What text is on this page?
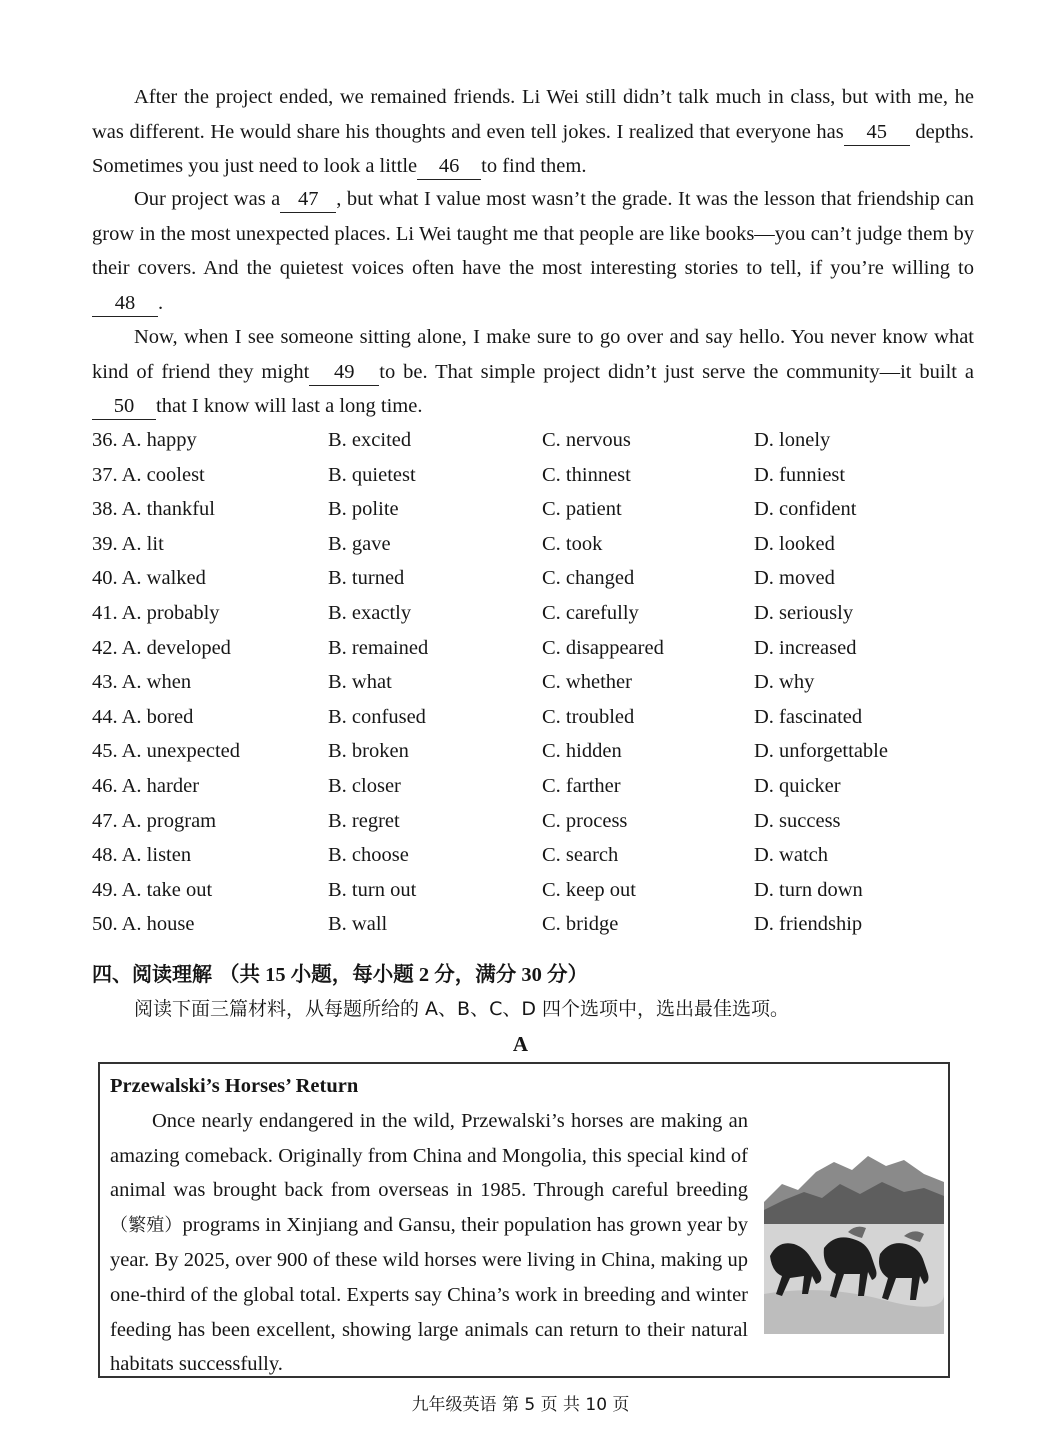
After the project ended, we remained friends. Li Wei still didn’t talk much in class, but with me, he was different. He would share his thoughts and even tell jokes. I realized that everyone has 45 depths. Sometimes you just need to look a little 46 to find them.

Our project was a 47 , but what I value most wasn’t the grade. It was the lesson that friendship can grow in the most unexpected places. Li Wei taught me that people are like books—you can’t judge them by their covers. And the quietest voices often have the most interesting stories to tell, if you’re willing to48 .

Now, when I see someone sitting alone, I make sure to go over and say hello. You never know what kind of friend they might 49 to be. That simple project didn’t just serve the community—it built a50 that I know will last a long time.

36. A. happy	B. excited	C. nervous	D. lonely
37. A. coolest	B. quietest	C. thinnest	D. funniest
38. A. thankful	B. polite	C. patient	D. confident
39. A. lit	B. gave	C. took	D. looked
40. A. walked	B. turned	C. changed	D. moved
41. A. probably	B. exactly	C. carefully	D. seriously
42. A. developed	B. remained	C. disappeared	D. increased
43. A. when	B. what	C. whether	D. why
44. A. bored	B. confused	C. troubled	D. fascinated
45. A. unexpected	B. broken	C. hidden	D. unforgettable
46. A. harder	B. closer	C. farther	D. quicker
47. A. program	B. regret	C. process	D. success
48. A. listen	B. choose	C. search	D. watch
49. A. take out	B. turn out	C. keep out	D. turn down
50. A. house	B. wall	C. bridge	D. friendship
四、阅读理解 （共 15 小题，每小题 2 分，满分 30 分）
阅读下面三篇材料，从每题所给的 A、B、C、D 四个选项中，选出最佳选项。
A
Przewalski’s Horses’ Return

Once nearly endangered in the wild, Przewalski’s horses are making an amazing comeback. Originally from China and Mongolia, this special kind of animal was brought back from overseas in 1985. Through careful breeding（繁殖）programs in Xinjiang and Gansu, their population has grown year by year. By 2025, over 900 of these wild horses were living in China, making up one-third of the global total. Experts say China’s work in breeding and winter feeding has been excellent, showing large animals can return to their natural habitats successfully.

九年级英语 第 5 页 共 10 页
